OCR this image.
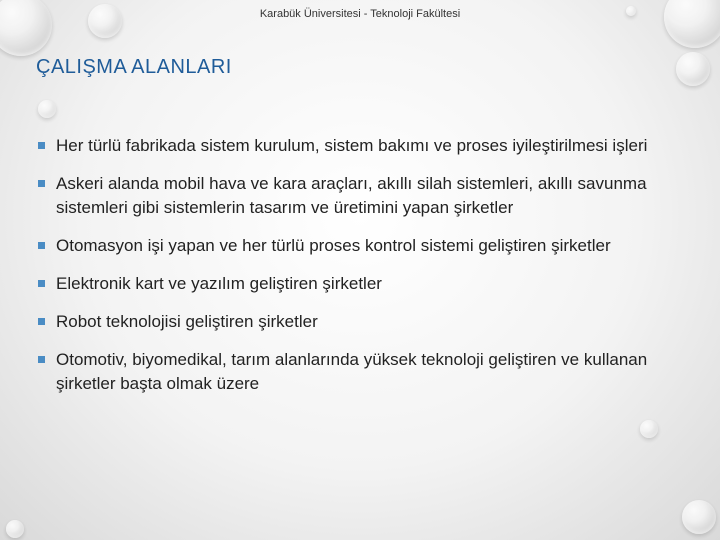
Karabük Üniversitesi - Teknoloji Fakültesi
ÇALIŞMA ALANLARI
Her türlü fabrikada sistem kurulum, sistem bakımı ve proses iyileştirilmesi işleri
Askeri alanda mobil hava ve kara araçları, akıllı silah sistemleri, akıllı savunma sistemleri gibi sistemlerin tasarım ve üretimini yapan şirketler
Otomasyon işi yapan ve her türlü proses kontrol sistemi geliştiren şirketler
Elektronik kart ve yazılım geliştiren şirketler
Robot teknolojisi geliştiren şirketler
Otomotiv, biyomedikal, tarım alanlarında yüksek teknoloji geliştiren ve kullanan şirketler başta olmak üzere
